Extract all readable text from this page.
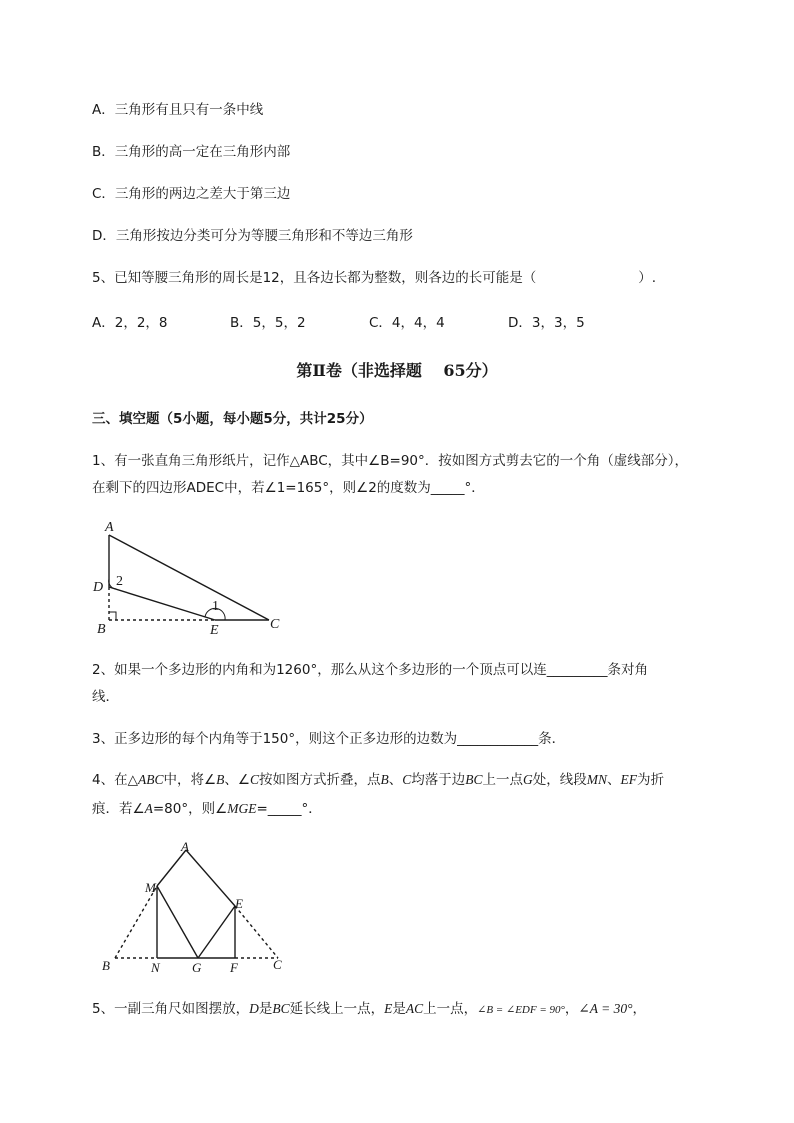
A．三角形有且只有一条中线
B．三角形的高一定在三角形内部
C．三角形的两边之差大于第三边
D．三角形按边分类可分为等腰三角形和不等边三角形
5、已知等腰三角形的周长是12，且各边长都为整数，则各边的长可能是（	）.
A．2，2，8	B．5，5，2	C．4，4，4	D．3，3，5
第Ⅱ卷（非选择题　 65分）
三、填空题（5小题，每小题5分，共计25分）
1、有一张直角三角形纸片，记作△ABC，其中∠B=90°．按如图方式剪去它的一个角（虚线部分），
在剩下的四边形ADEC中，若∠1=165°，则∠2的度数为_____°．
A
D 2
B
1
E	C
2、如果一个多边形的内角和为1260°，那么从这个多边形的一个顶点可以连_________条对角
线．
3、正多边形的每个内角等于150°，则这个正多边形的边数为____________条．
4、在△ABC中，将∠B、∠C按如图方式折叠，点B、C均落于边BC上一点G处，线段MN、EF为折
痕．若∠A=80°，则∠MGE=_____°．
A
M
E
B	N G F	C
5、一副三角尺如图摆放，D是BC延长线上一点，E是AC上一点，∠B = ∠EDF = 90°，∠A = 30°，
